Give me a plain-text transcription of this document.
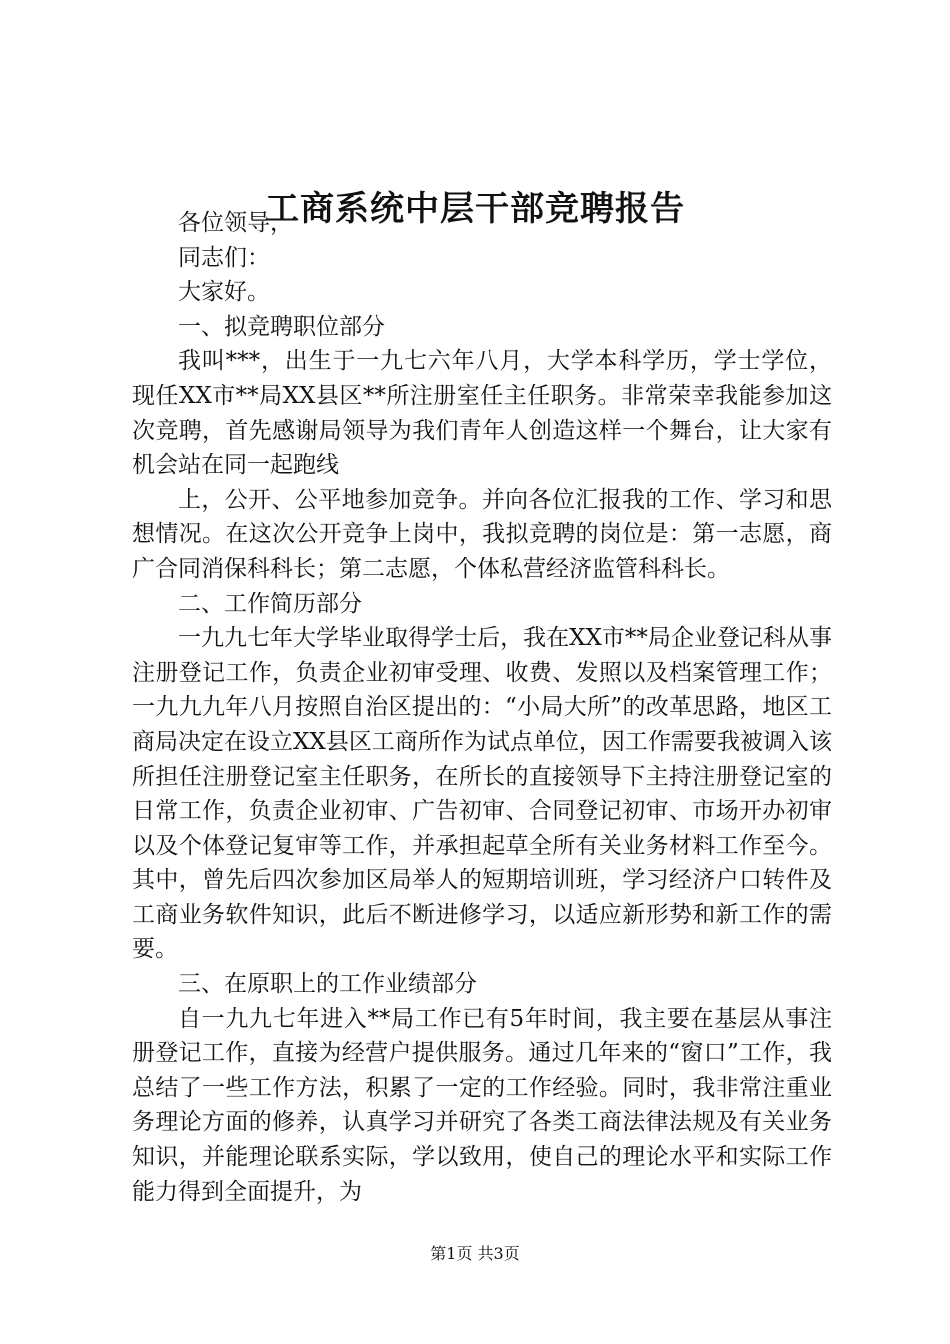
工商系统中层干部竞聘报告

各位领导，

同志们：

大家好。

一、拟竞聘职位部分

我叫***，出生于一九七六年八月，大学本科学历，学士学位，现任XX市**局XX县区**所注册室任主任职务。非常荣幸我能参加这次竞聘，首先感谢局领导为我们青年人创造这样一个舞台，让大家有机会站在同一起跑线

上，公开、公平地参加竞争。并向各位汇报我的工作、学习和思想情况。在这次公开竞争上岗中，我拟竞聘的岗位是：第一志愿，商广合同消保科科长；第二志愿，个体私营经济监管科科长。

二、工作简历部分

一九九七年大学毕业取得学士后，我在XX市**局企业登记科从事注册登记工作，负责企业初审受理、收费、发照以及档案管理工作；一九九九年八月按照自治区提出的：“小局大所”的改革思路，地区工商局决定在设立XX县区工商所作为试点单位，因工作需要我被调入该所担任注册登记室主任职务，在所长的直接领导下主持注册登记室的日常工作，负责企业初审、广告初审、合同登记初审、市场开办初审以及个体登记复审等工作，并承担起草全所有关业务材料工作至今。其中，曾先后四次参加区局举人的短期培训班，学习经济户口转件及工商业务软件知识，此后不断进修学习，以适应新形势和新工作的需要。

三、在原职上的工作业绩部分

自一九九七年进入**局工作已有5年时间，我主要在基层从事注册登记工作，直接为经营户提供服务。通过几年来的“窗口”工作，我总结了一些工作方法，积累了一定的工作经验。同时，我非常注重业务理论方面的修养，认真学习并研究了各类工商法律法规及有关业务知识，并能理论联系实际，学以致用，使自己的理论水平和实际工作能力得到全面提升，为

第1页 共3页
